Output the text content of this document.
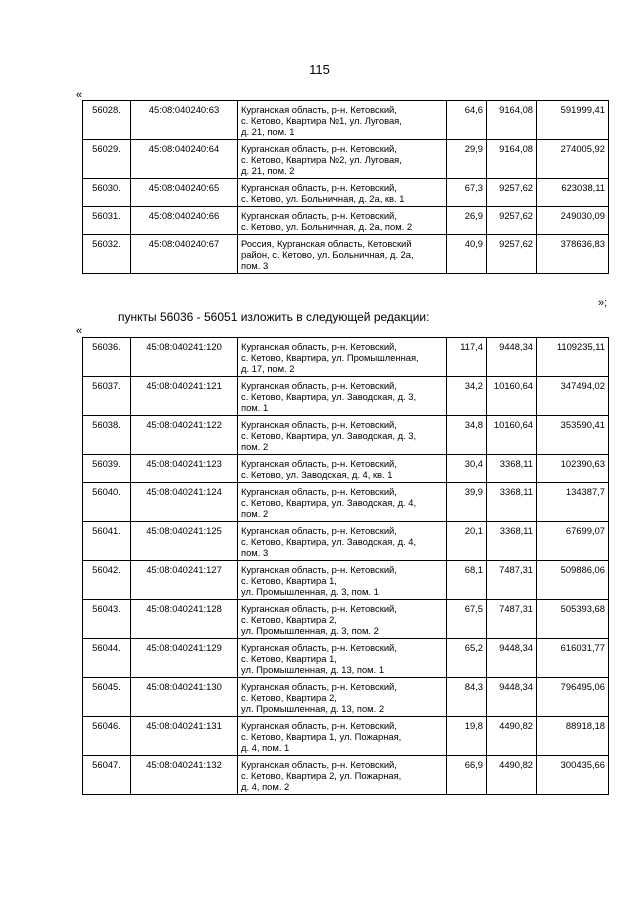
115
«
56028.	45:08:040240:63	Курганская область, р-н. Кетовский,
с. Кетово, Квартира №1, ул. Луговая,
д. 21, пом. 1	64,6	9164,08	591999,41
56029.	45:08:040240:64	Курганская область, р-н. Кетовский,
с. Кетово, Квартира №2, ул. Луговая,
д. 21, пом. 2	29,9	9164,08	274005,92
56030.	45:08:040240:65	Курганская область, р-н. Кетовский,
с. Кетово, ул. Больничная, д. 2а, кв. 1	67,3	9257,62	623038,11
56031.	45:08:040240:66	Курганская область, р-н. Кетовский,
с. Кетово, ул. Больничная, д. 2а, пом. 2	26,9	9257,62	249030,09
56032.	45:08:040240:67	Россия, Курганская область, Кетовский
район, с. Кетово, ул. Больничная, д. 2а,
пом. 3	40,9	9257,62	378636,83
»;
пункты 56036 - 56051 изложить в следующей редакции:
«
56036.	45:08:040241:120	Курганская область, р-н. Кетовский,
с. Кетово, Квартира, ул. Промышленная,
д. 17, пом. 2	117,4	9448,34	1109235,11
56037.	45:08:040241:121	Курганская область, р-н. Кетовский,
с. Кетово, Квартира, ул. Заводская, д. 3,
пом. 1	34,2	10160,64	347494,02
56038.	45:08:040241:122	Курганская область, р-н. Кетовский,
с. Кетово, Квартира, ул. Заводская, д. 3,
пом. 2	34,8	10160,64	353590,41
56039.	45:08:040241:123	Курганская область, р-н. Кетовский,
с. Кетово, ул. Заводская, д. 4, кв. 1	30,4	3368,11	102390,63
56040.	45:08:040241:124	Курганская область, р-н. Кетовский,
с. Кетово, Квартира, ул. Заводская, д. 4,
пом. 2	39,9	3368,11	134387,7
56041.	45:08:040241:125	Курганская область, р-н. Кетовский,
с. Кетово, Квартира, ул. Заводская, д. 4,
пом. 3	20,1	3368,11	67699,07
56042.	45:08:040241:127	Курганская область, р-н. Кетовский,
с. Кетово, Квартира 1,
ул. Промышленная, д. 3, пом. 1	68,1	7487,31	509886,06
56043.	45:08:040241:128	Курганская область, р-н. Кетовский,
с. Кетово, Квартира 2,
ул. Промышленная, д. 3, пом. 2	67,5	7487,31	505393,68
56044.	45:08:040241:129	Курганская область, р-н. Кетовский,
с. Кетово, Квартира 1,
ул. Промышленная, д. 13, пом. 1	65,2	9448,34	616031,77
56045.	45:08:040241:130	Курганская область, р-н. Кетовский,
с. Кетово, Квартира 2,
ул. Промышленная, д. 13, пом. 2	84,3	9448,34	796495,06
56046.	45:08:040241:131	Курганская область, р-н. Кетовский,
с. Кетово, Квартира 1, ул. Пожарная,
д. 4, пом. 1	19,8	4490,82	88918,18
56047.	45:08:040241:132	Курганская область, р-н. Кетовский,
с. Кетово, Квартира 2, ул. Пожарная,
д. 4, пом. 2	66,9	4490,82	300435,66
